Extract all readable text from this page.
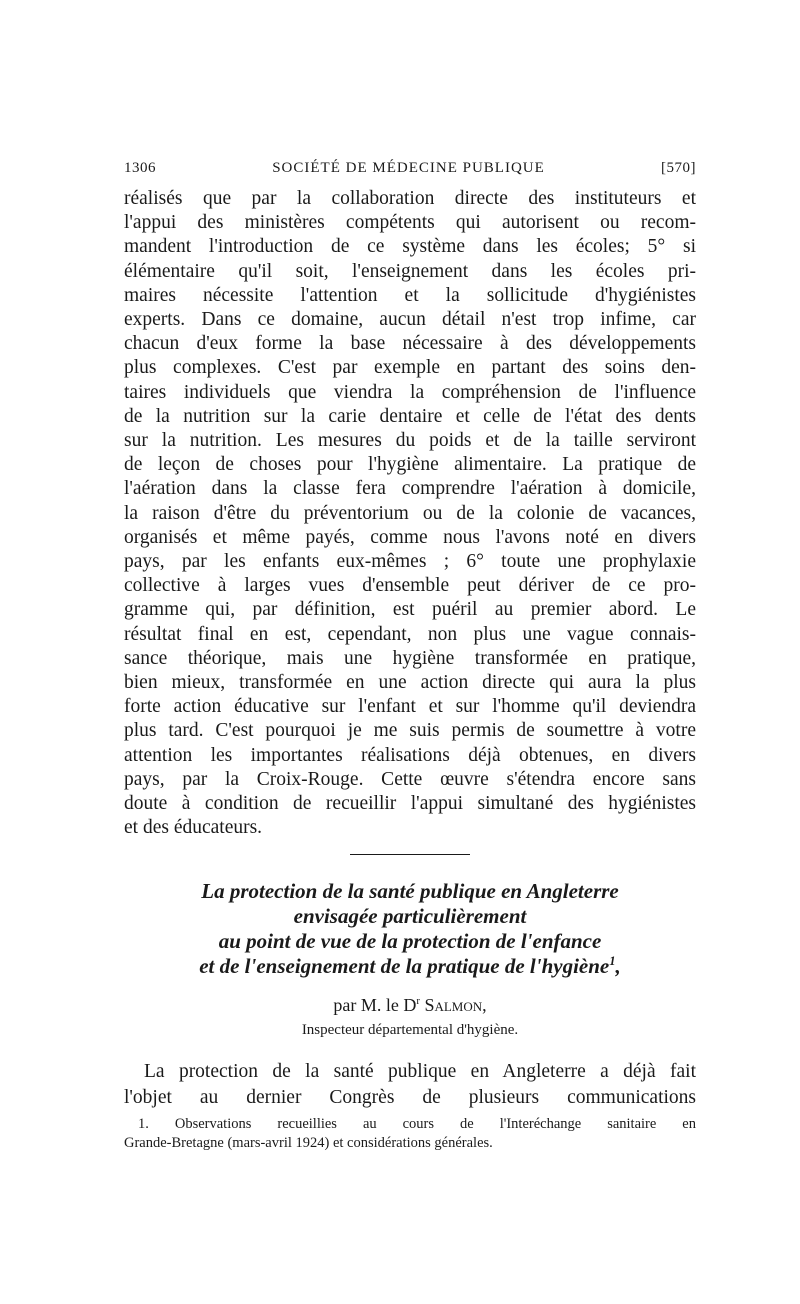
1306	SOCIÉTÉ DE MÉDECINE PUBLIQUE	[570]
réalisés que par la collaboration directe des instituteurs et
l'appui des ministères compétents qui autorisent ou recom-
mandent l'introduction de ce système dans les écoles; 5° si
élémentaire qu'il soit, l'enseignement dans les écoles pri-
maires nécessite l'attention et la sollicitude d'hygiénistes
experts. Dans ce domaine, aucun détail n'est trop infime, car
chacun d'eux forme la base nécessaire à des développements
plus complexes. C'est par exemple en partant des soins den-
taires individuels que viendra la compréhension de l'influence
de la nutrition sur la carie dentaire et celle de l'état des dents
sur la nutrition. Les mesures du poids et de la taille serviront
de leçon de choses pour l'hygiène alimentaire. La pratique de
l'aération dans la classe fera comprendre l'aération à domicile,
la raison d'être du préventorium ou de la colonie de vacances,
organisés et même payés, comme nous l'avons noté en divers
pays, par les enfants eux-mêmes ; 6° toute une prophylaxie
collective à larges vues d'ensemble peut dériver de ce pro-
gramme qui, par définition, est puéril au premier abord. Le
résultat final en est, cependant, non plus une vague connais-
sance théorique, mais une hygiène transformée en pratique,
bien mieux, transformée en une action directe qui aura la plus
forte action éducative sur l'enfant et sur l'homme qu'il deviendra
plus tard. C'est pourquoi je me suis permis de soumettre à votre
attention les importantes réalisations déjà obtenues, en divers
pays, par la Croix-Rouge. Cette œuvre s'étendra encore sans
doute à condition de recueillir l'appui simultané des hygiénistes
et des éducateurs.
La protection de la santé publique en Angleterre
envisagée particulièrement
au point de vue de la protection de l'enfance
et de l'enseignement de la pratique de l'hygiène$^1$,

par M. le $D^r$ Salmon,

Inspecteur départemental d'hygiène.

La protection de la santé publique en Angleterre a déjà fait
l'objet au dernier Congrès de plusieurs communications
1. Observations recueillies au cours de l'Interéchange sanitaire en
Grande-Bretagne (mars-avril 1924) et considérations générales.
